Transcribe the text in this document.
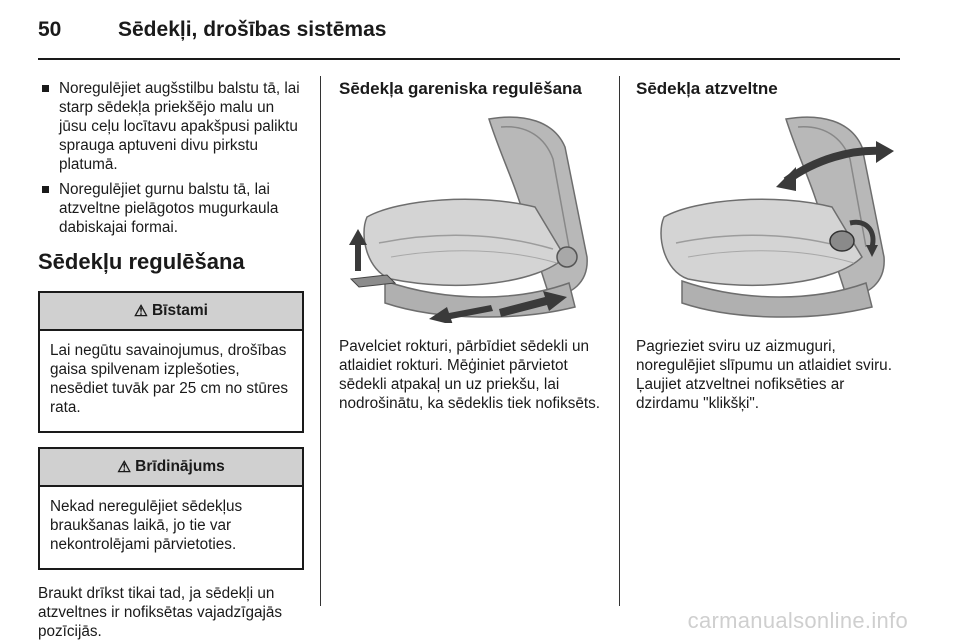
50	Sēdekļi, drošības sistēmas
Noregulējiet augšstilbu balstu tā, lai starp sēdekļa priekšējo malu un jūsu ceļu locītavu apakšpusi paliktu sprauga aptuveni divu pirkstu platumā.
Noregulējiet gurnu balstu tā, lai atzveltne pielāgotos mugurkaula dabiskajai formai.
Sēdekļu regulēšana
⚠ Bīstami
Lai negūtu savainojumus, drošības gaisa spilvenam izplešoties, nesēdiet tuvāk par 25 cm no stūres rata.
⚠ Brīdinājums
Nekad neregulējiet sēdekļus braukšanas laikā, jo tie var nekontrolējami pārvietoties.
Braukt drīkst tikai tad, ja sēdekļi un atzveltnes ir nofiksētas vajadzīgajās pozīcijās.
Sēdekļa gareniska regulēšana
Pavelciet rokturi, pārbīdiet sēdekli un atlaidiet rokturi. Mēģiniet pārvietot sēdekli atpakaļ un uz priekšu, lai nodrošinātu, ka sēdeklis tiek nofiksēts.
Sēdekļa atzveltne
Pagrieziet sviru uz aizmuguri, noregulējiet slīpumu un atlaidiet sviru. Ļaujiet atzveltnei nofiksēties ar dzirdamu "klikšķi".
carmanualsonline.info
